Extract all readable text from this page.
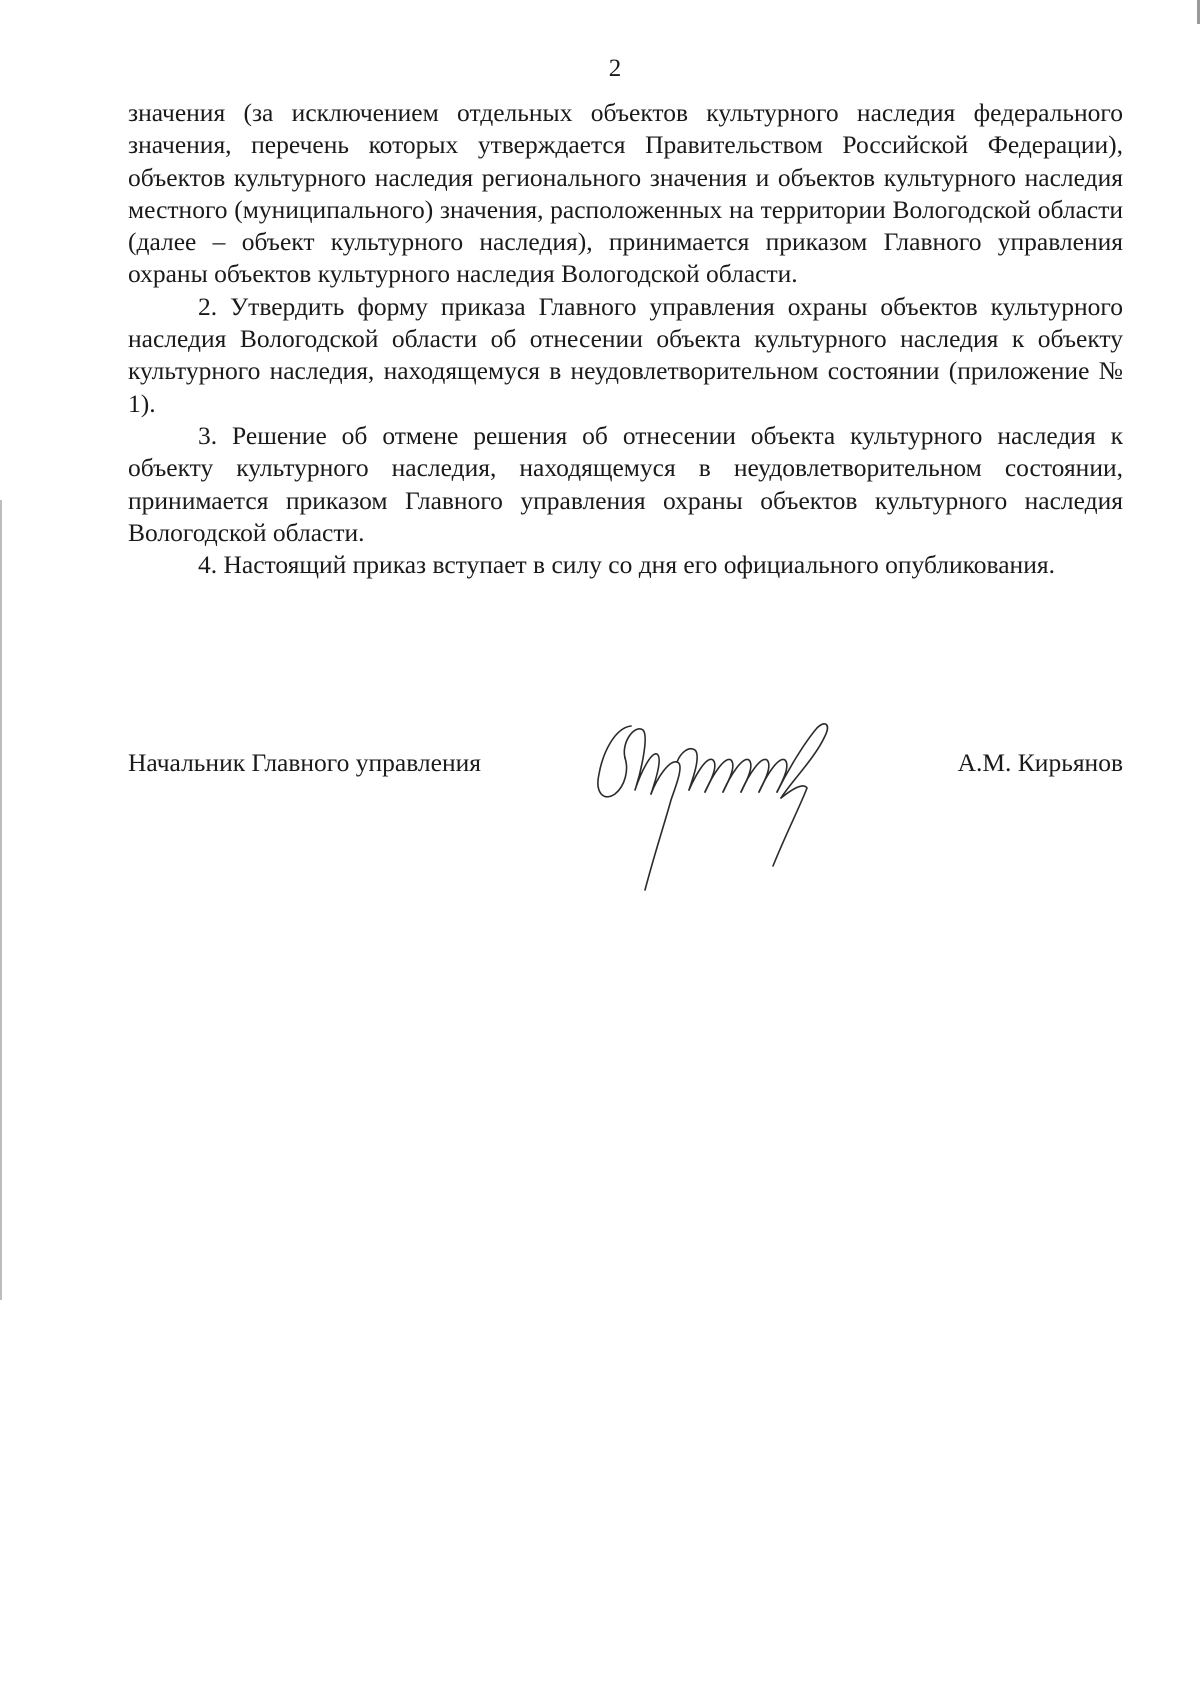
2

значения (за исключением отдельных объектов культурного наследия федерального значения, перечень которых утверждается Правительством Российской Федерации), объектов культурного наследия регионального значения и объектов культурного наследия местного (муниципального) значения, расположенных на территории Вологодской области (далее – объект культурного наследия), принимается приказом Главного управления охраны объектов культурного наследия Вологодской области.

2. Утвердить форму приказа Главного управления охраны объектов культурного наследия Вологодской области об отнесении объекта культурного наследия к объекту культурного наследия, находящемуся в неудовлетворительном состоянии (приложение № 1).

3. Решение об отмене решения об отнесении объекта культурного наследия к объекту культурного наследия, находящемуся в неудовлетворительном состоянии, принимается приказом Главного управления охраны объектов культурного наследия Вологодской области.

4. Настоящий приказ вступает в силу со дня его официального опубликования.

Начальник Главного управления	А.М. Кирьянов
